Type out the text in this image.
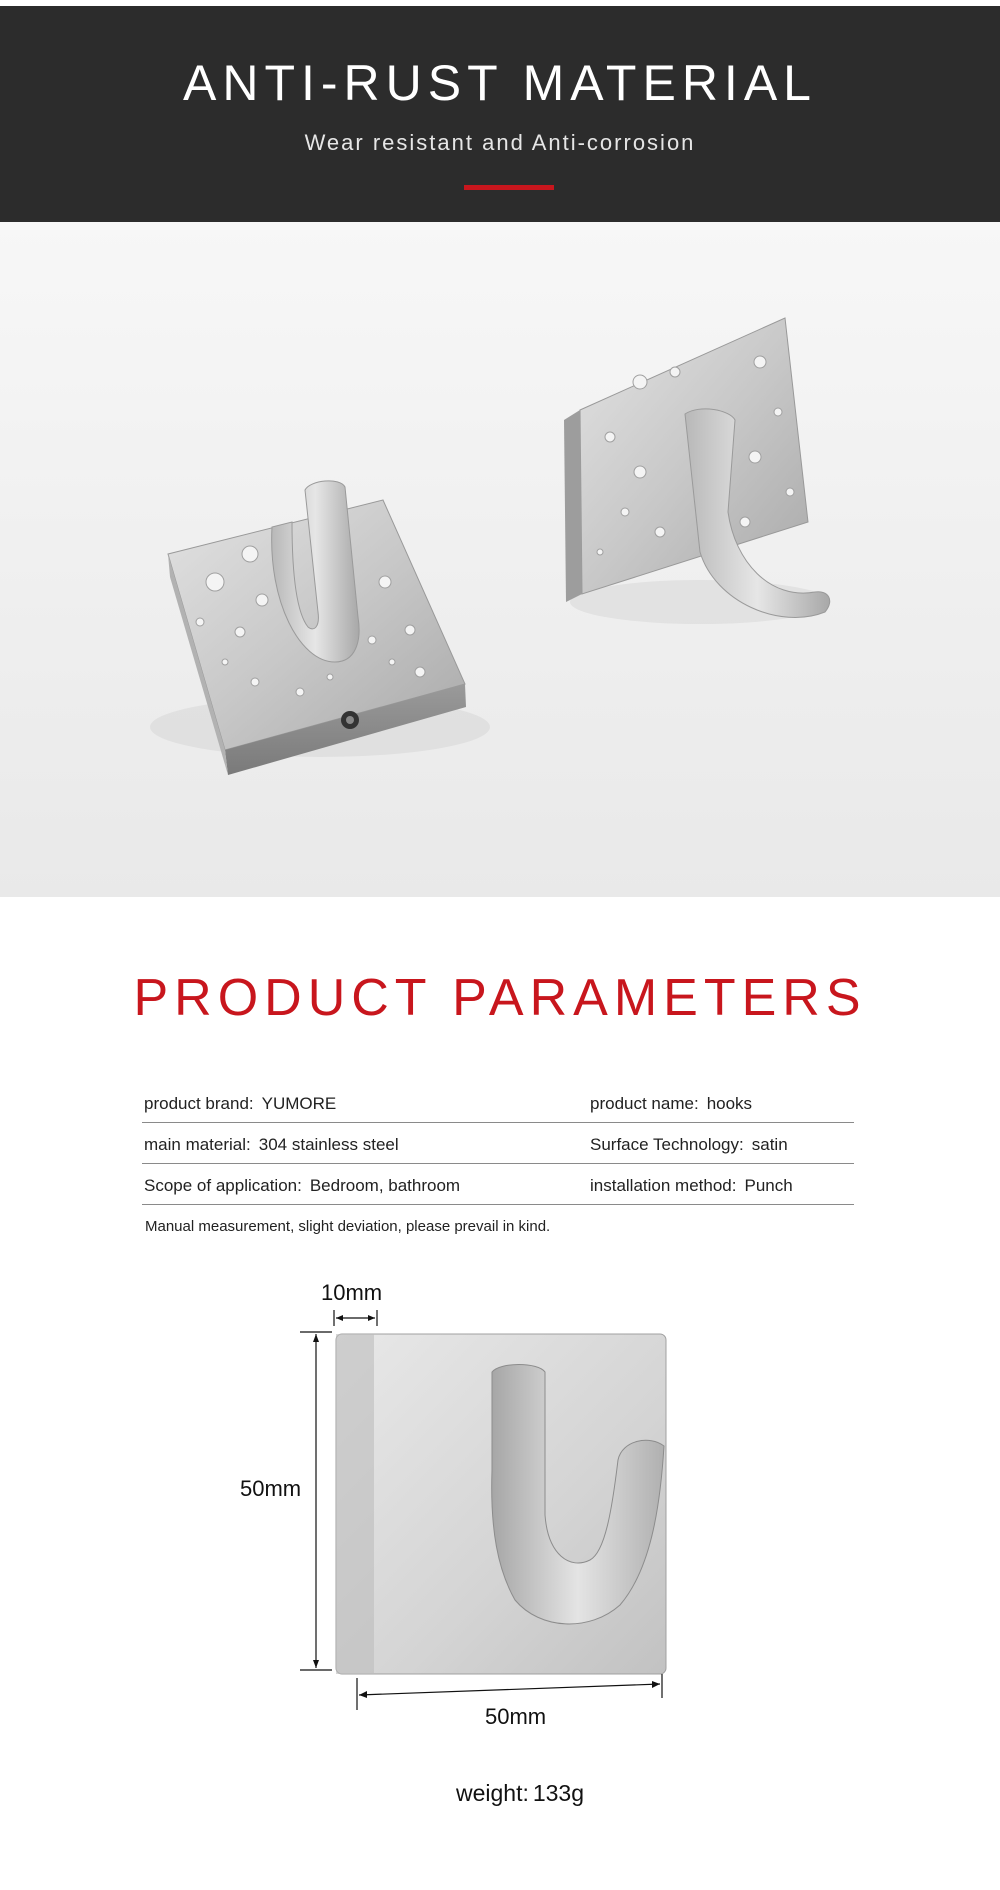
ANTI-RUST MATERIAL
Wear resistant and Anti-corrosion
PRODUCT PARAMETERS
product brand: YUMORE	product name: hooks
main material: 304 stainless steel	Surface Technology: satin
Scope of application: Bedroom, bathroom	installation method: Punch
Manual measurement, slight deviation, please prevail in kind.
10mm
50mm
50mm
weight: 133g
